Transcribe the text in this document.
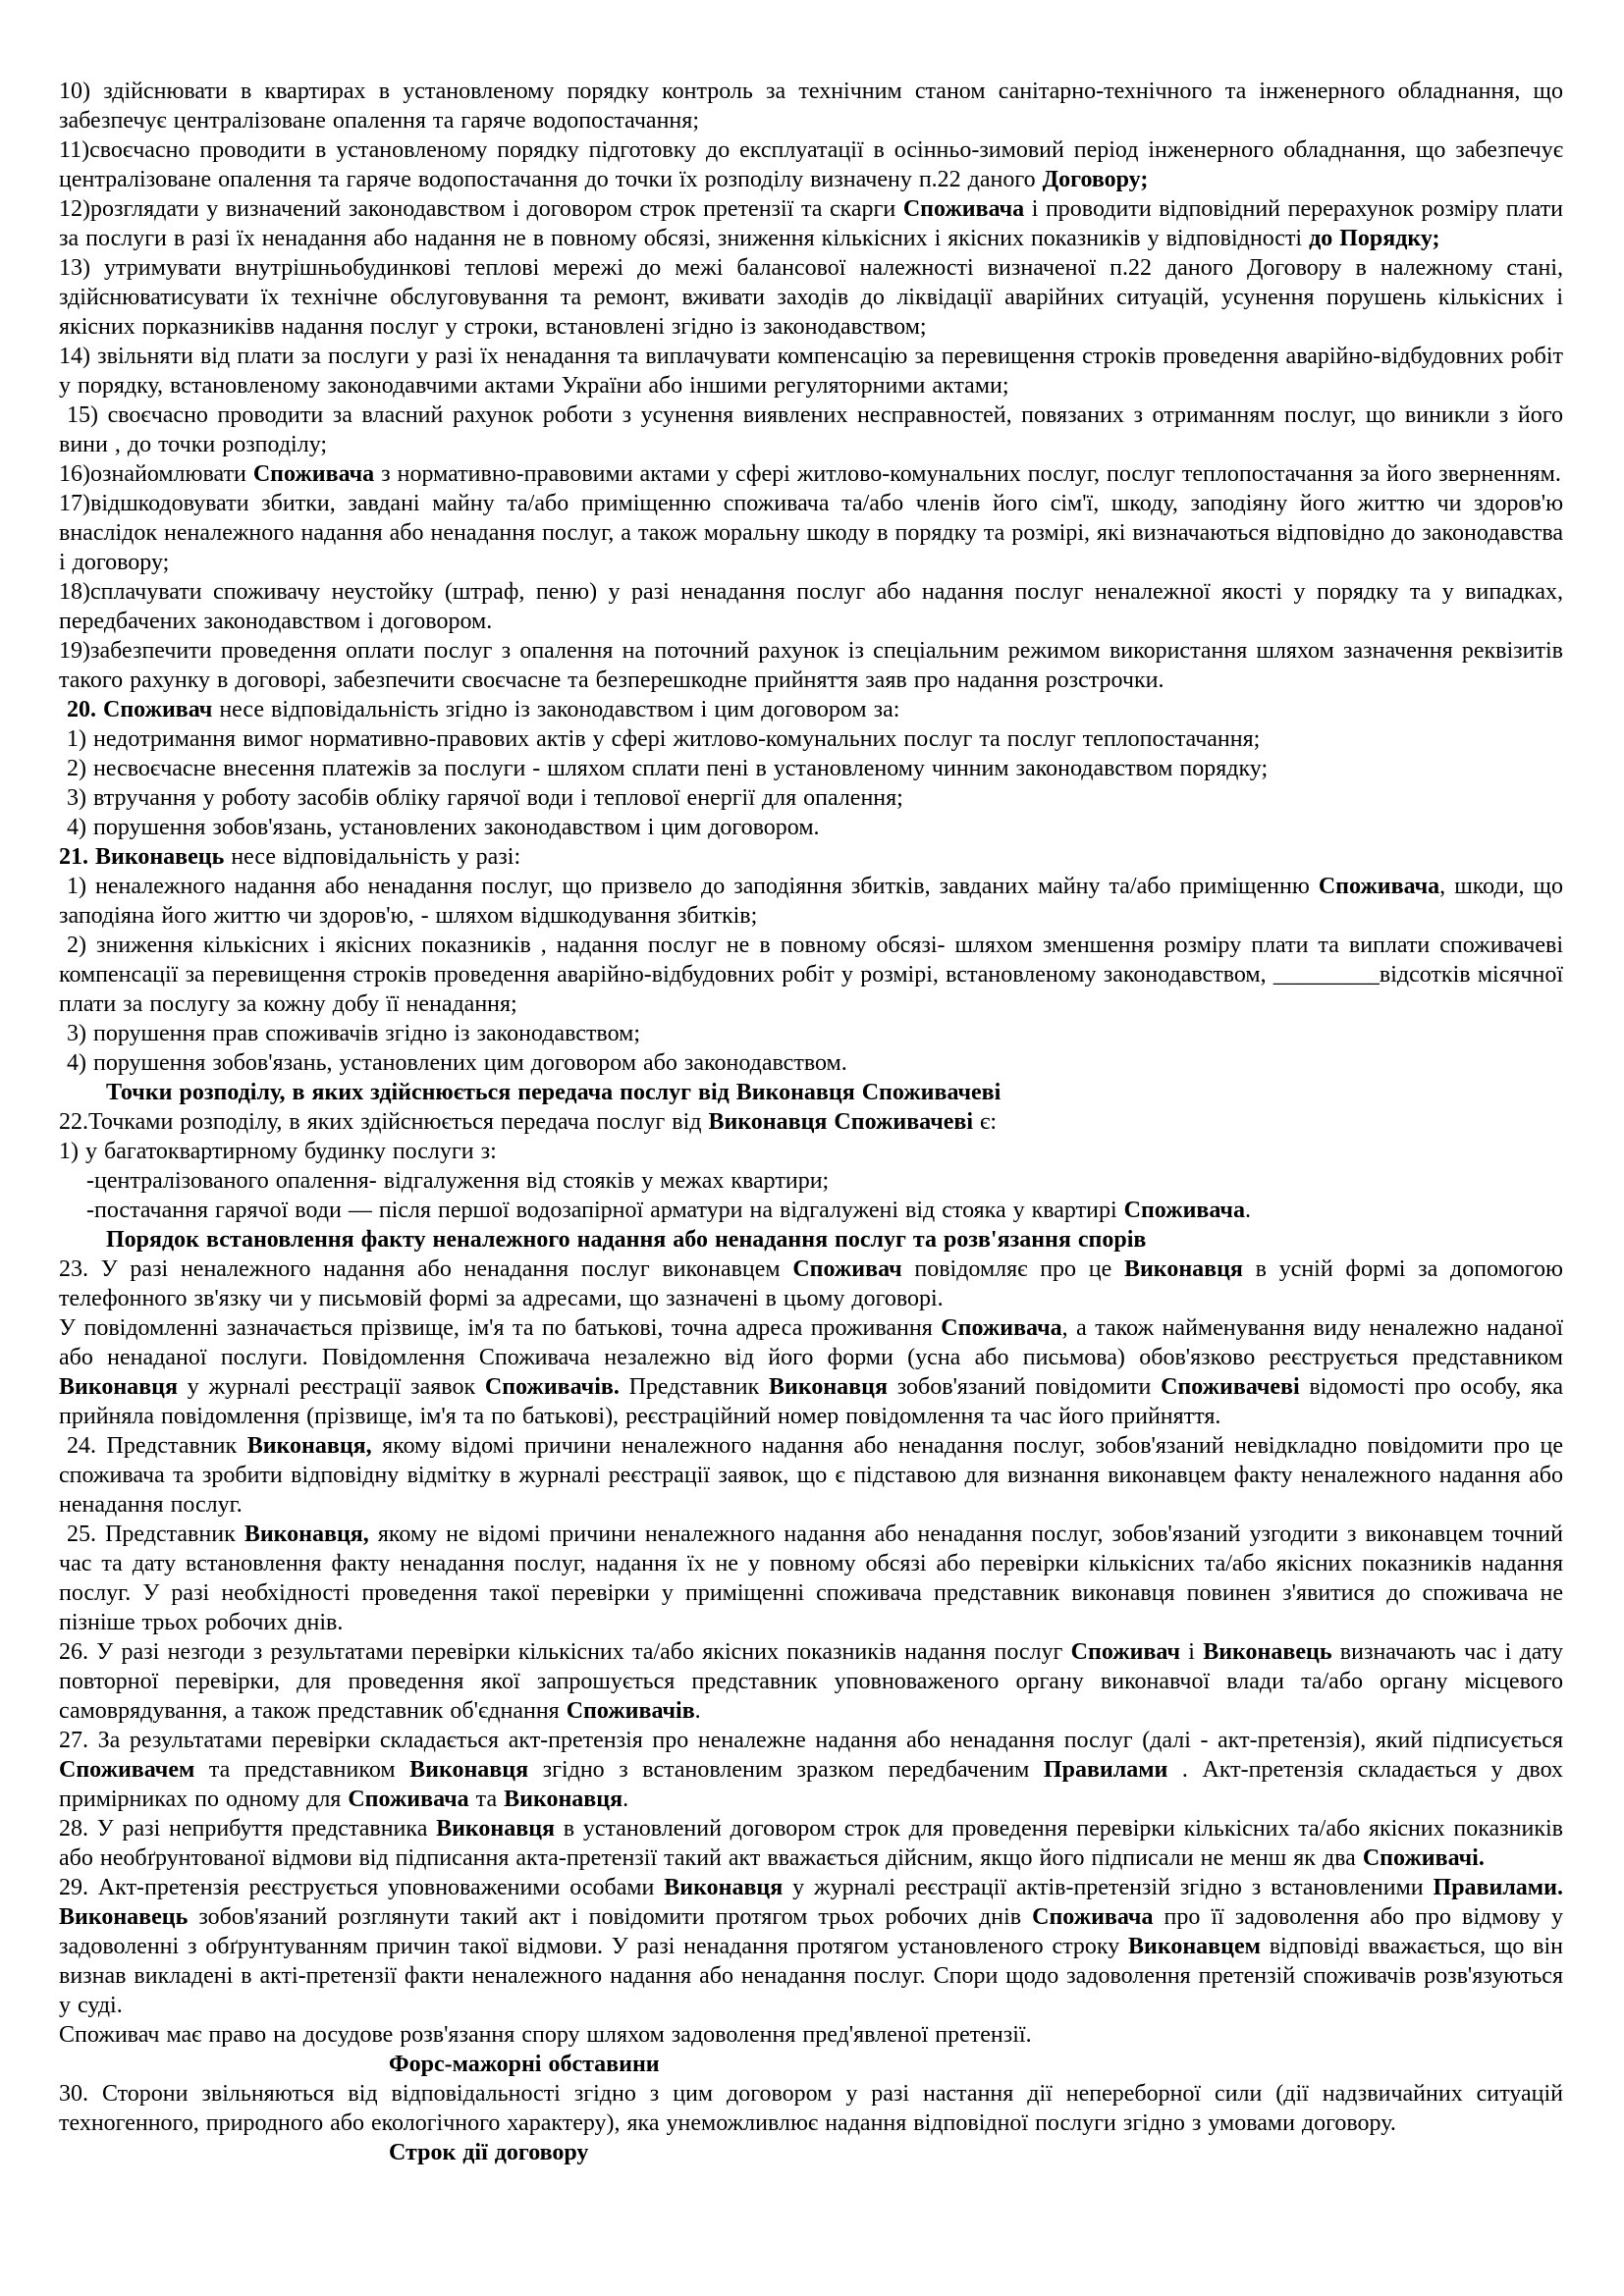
10) здійснювати в квартирах в установленому порядку контроль за технічним станом санітарно-технічного та інженерного обладнання, що забезпечує централізоване опалення та гаряче водопостачання;

11)своєчасно проводити в установленому порядку підготовку до експлуатації в осінньо-зимовий період інженерного обладнання, що забезпечує централізоване опалення та гаряче водопостачання до точки їх розподілу визначену п.22 даного Договору;

12)розглядати у визначений законодавством і договором строк претензії та скарги Споживача і проводити відповідний перерахунок розміру плати за послуги в разі їх ненадання або надання не в повному обсязі, зниження кількісних і якісних показників у відповідності до Порядку;

13) утримувати внутрішньобудинкові теплові мережі до межі балансової належності визначеної п.22 даного Договору в належному стані, здійснюватисувати їх технічне обслуговування та ремонт, вживати заходів до ліквідації аварійних ситуацій, усунення порушень кількісних і якісних порказниківв надання послуг у строки, встановлені згідно із законодавством;

14) звільняти від плати за послуги у разі їх ненадання та виплачувати компенсацію за перевищення строків проведення аварійно-відбудовних робіт у порядку, встановленому законодавчими актами України або іншими регуляторними актами;

15) своєчасно проводити за власний рахунок роботи з усунення виявлених несправностей, повязаних з отриманням послуг, що виникли з його вини , до точки розподілу;

16)ознайомлювати Споживача з нормативно-правовими актами у сфері житлово-комунальних послуг, послуг теплопостачання за його зверненням.

17)відшкодовувати збитки, завдані майну та/або приміщенню споживача та/або членів його сім'ї, шкоду, заподіяну його життю чи здоров'ю внаслідок неналежного надання або ненадання послуг, а також моральну шкоду в порядку та розмірі, які визначаються відповідно до законодавства і договору;

18)сплачувати споживачу неустойку (штраф, пеню) у разі ненадання послуг або надання послуг неналежної якості у порядку та у випадках, передбачених законодавством і договором.

19)забезпечити проведення оплати послуг з опалення на поточний рахунок із спеціальним режимом використання шляхом зазначення реквізитів такого рахунку в договорі, забезпечити своєчасне та безперешкодне прийняття заяв про надання розстрочки.

20. Споживач несе відповідальність згідно із законодавством і цим договором за:

1) недотримання вимог нормативно-правових актів у сфері житлово-комунальних послуг та послуг теплопостачання;

2) несвоєчасне внесення платежів за послуги - шляхом сплати пені в установленому чинним законодавством порядку;

3) втручання у роботу засобів обліку гарячої води і теплової енергії для опалення;

4) порушення зобов'язань, установлених законодавством і цим договором.

21. Виконавець несе відповідальність у разі:

1) неналежного надання або ненадання послуг, що призвело до заподіяння збитків, завданих майну та/або приміщенню Споживача, шкоди, що заподіяна його життю чи здоров'ю, - шляхом відшкодування збитків;

2) зниження кількісних і якісних показників , надання послуг не в повному обсязі- шляхом зменшення розміру плати та виплати споживачеві компенсації за перевищення строків проведення аварійно-відбудовних робіт у розмірі, встановленому законодавством, _________відсотків місячної плати за послугу за кожну добу її ненадання;

3) порушення прав споживачів згідно із законодавством;

4) порушення зобов'язань, установлених цим договором або законодавством.

Точки розподілу, в яких здійснюється передача послуг від Виконавця Споживачеві

22.Точками розподілу, в яких здійснюється передача послуг від Виконавця Споживачеві є:

1) у багатоквартирному будинку послуги з:

-централізованого опалення- відгалуження від стояків у межах квартири;

-постачання гарячої води — після першої водозапірної арматури на відгалужені від стояка у квартирі Споживача.

Порядок встановлення факту неналежного надання або ненадання послуг та розв'язання спорів

23. У разі неналежного надання або ненадання послуг виконавцем Споживач повідомляє про це Виконавця в усній формі за допомогою телефонного зв'язку чи у письмовій формі за адресами, що зазначені в цьому договорі.

У повідомленні зазначається прізвище, ім'я та по батькові, точна адреса проживання Споживача, а також найменування виду неналежно наданої або ненаданої послуги. Повідомлення Споживача незалежно від його форми (усна або письмова) обов'язково реєструється представником Виконавця у журналі реєстрації заявок Споживачів. Представник Виконавця зобов'язаний повідомити Споживачеві відомості про особу, яка прийняла повідомлення (прізвище, ім'я та по батькові), реєстраційний номер повідомлення та час його прийняття.

24. Представник Виконавця, якому відомі причини неналежного надання або ненадання послуг, зобов'язаний невідкладно повідомити про це споживача та зробити відповідну відмітку в журналі реєстрації заявок, що є підставою для визнання виконавцем факту неналежного надання або ненадання послуг.

25. Представник Виконавця, якому не відомі причини неналежного надання або ненадання послуг, зобов'язаний узгодити з виконавцем точний час та дату встановлення факту ненадання послуг, надання їх не у повному обсязі або перевірки кількісних та/або якісних показників надання послуг. У разі необхідності проведення такої перевірки у приміщенні споживача представник виконавця повинен з'явитися до споживача не пізніше трьох робочих днів.

26. У разі незгоди з результатами перевірки кількісних та/або якісних показників надання послуг Споживач і Виконавець визначають час і дату повторної перевірки, для проведення якої запрошується представник уповноваженого органу виконавчої влади та/або органу місцевого самоврядування, а також представник об'єднання Споживачів.

27. За результатами перевірки складається акт-претензія про неналежне надання або ненадання послуг (далі - акт-претензія), який підписується Споживачем та представником Виконавця згідно з встановленим зразком передбаченим Правилами . Акт-претензія складається у двох примірниках по одному для Споживача та Виконавця.

28. У разі неприбуття представника Виконавця в установлений договором строк для проведення перевірки кількісних та/або якісних показників або необґрунтованої відмови від підписання акта-претензії такий акт вважається дійсним, якщо його підписали не менш як два Споживачі.

29. Акт-претензія реєструється уповноваженими особами Виконавця у журналі реєстрації актів-претензій згідно з встановленими Правилами. Виконавець зобов'язаний розглянути такий акт і повідомити протягом трьох робочих днів Споживача про її задоволення або про відмову у задоволенні з обґрунтуванням причин такої відмови. У разі ненадання протягом установленого строку Виконавцем відповіді вважається, що він визнав викладені в акті-претензії факти неналежного надання або ненадання послуг. Спори щодо задоволення претензій споживачів розв'язуються у суді.

Споживач має право на досудове розв'язання спору шляхом задоволення пред'явленої претензії.

Форс-мажорні обставини

30. Сторони звільняються від відповідальності згідно з цим договором у разі настання дії непереборної сили (дії надзвичайних ситуацій техногенного, природного або екологічного характеру), яка унеможливлює надання відповідної послуги згідно з умовами договору.

Строк дії договору
